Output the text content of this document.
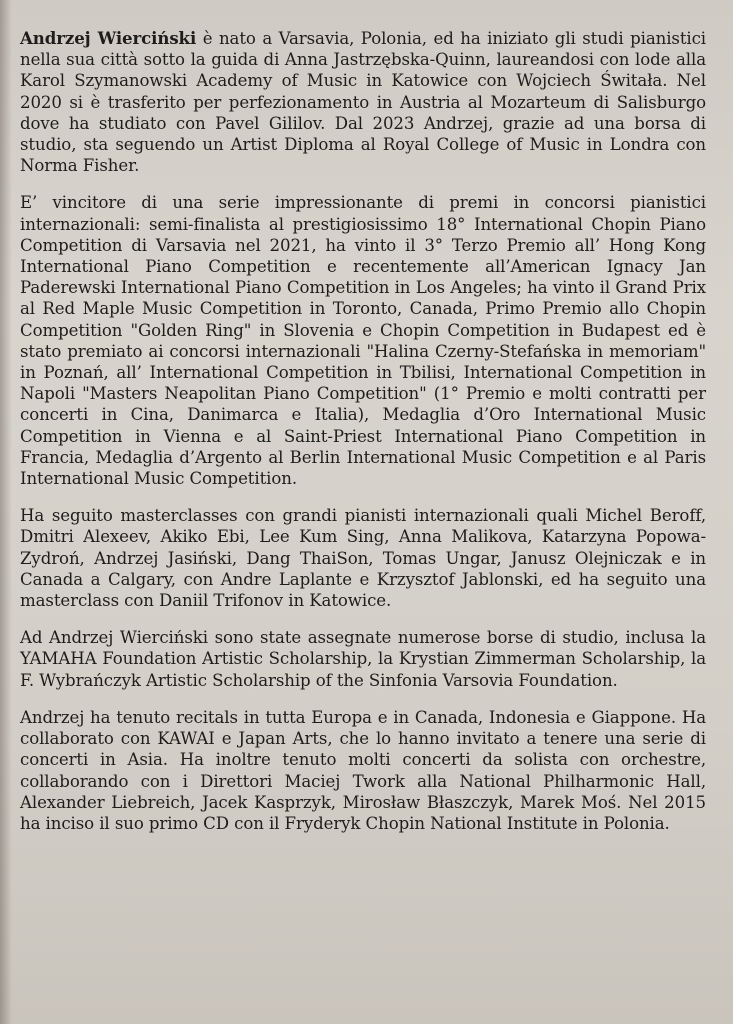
Andrzej Wierciński è nato a Varsavia, Polonia, ed ha iniziato gli studi pianistici nella sua città sotto la guida di Anna Jastrzębska-Quinn, laureandosi con lode alla Karol Szymanowski Academy of Music in Katowice con Wojciech Świtała. Nel 2020 si è trasferito per perfezionamento in Austria al Mozarteum di Salisburgo dove ha studiato con Pavel Gililov. Dal 2023 Andrzej, grazie ad una borsa di studio, sta seguendo un Artist Diploma al Royal College of Music in Londra con Norma Fisher.

E’ vincitore di una serie impressionante di premi in concorsi pianistici internazionali: semi-finalista al prestigiosissimo 18° International Chopin Piano Competition di Varsavia nel 2021, ha vinto il 3° Terzo Premio all’ Hong Kong International Piano Competition e recentemente all’American Ignacy Jan Paderewski International Piano Competition in Los Angeles; ha vinto il Grand Prix al Red Maple Music Competition in Toronto, Canada, Primo Premio allo Chopin Competition "Golden Ring" in Slovenia e Chopin Competition in Budapest ed è stato premiato ai concorsi internazionali "Halina Czerny-Stefańska in memoriam" in Poznań, all’ International Competition in Tbilisi, International Competition in Napoli "Masters Neapolitan Piano Competition" (1° Premio e molti contratti per concerti in Cina, Danimarca e Italia), Medaglia d’Oro International Music Competition in Vienna e al Saint-Priest International Piano Competition in Francia, Medaglia d’Argento al Berlin International Music Competition e al Paris International Music Competition.

Ha seguito masterclasses con grandi pianisti internazionali quali Michel Beroff, Dmitri Alexeev, Akiko Ebi, Lee Kum Sing, Anna Malikova, Katarzyna Popowa-Zydroń, Andrzej Jasiński, Dang ThaiSon, Tomas Ungar, Janusz Olejniczak e in Canada a Calgary, con Andre Laplante e Krzysztof Jablonski, ed ha seguito una masterclass con Daniil Trifonov in Katowice.

Ad Andrzej Wierciński sono state assegnate numerose borse di studio, inclusa la YAMAHA Foundation Artistic Scholarship, la Krystian Zimmerman Scholarship, la F. Wybrańczyk Artistic Scholarship of the Sinfonia Varsovia Foundation.

Andrzej ha tenuto recitals in tutta Europa e in Canada, Indonesia e Giappone. Ha collaborato con KAWAI e Japan Arts, che lo hanno invitato a tenere una serie di concerti in Asia. Ha inoltre tenuto molti concerti da solista con orchestre, collaborando con i Direttori Maciej Twork alla National Philharmonic Hall, Alexander Liebreich, Jacek Kasprzyk, Mirosław Błaszczyk, Marek Moś. Nel 2015 ha inciso il suo primo CD con il Fryderyk Chopin National Institute in Polonia.
